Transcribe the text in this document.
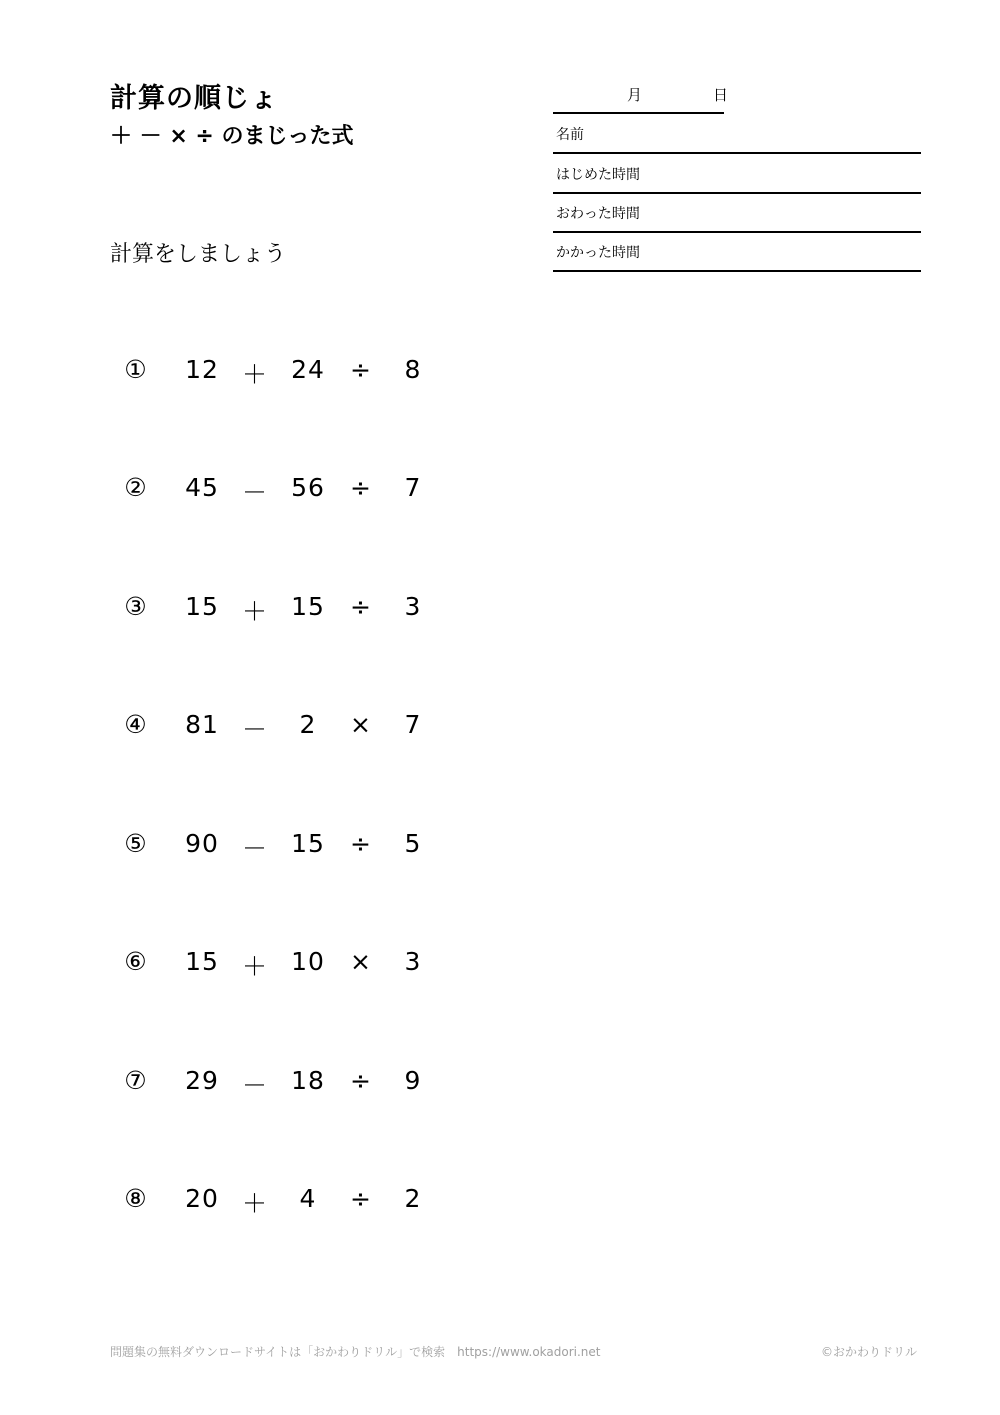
計算の順じょ
＋ － × ÷ のまじった式
計算をしましょう
月	日
名前
はじめた時間
おわった時間
かかった時間
①	12 ＋ 24	÷	8
②	45 － 56	÷	7
③	15 ＋ 15	÷	3
④	81 －	2	×	7
⑤	90 － 15	÷	5
⑥	15 ＋ 10	×	3
⑦	29 － 18	÷	9
⑧	20 ＋	4	÷	2
問題集の無料ダウンロードサイトは「おかわりドリル」で検索　https://www.okadori.net	©おかわりドリル
